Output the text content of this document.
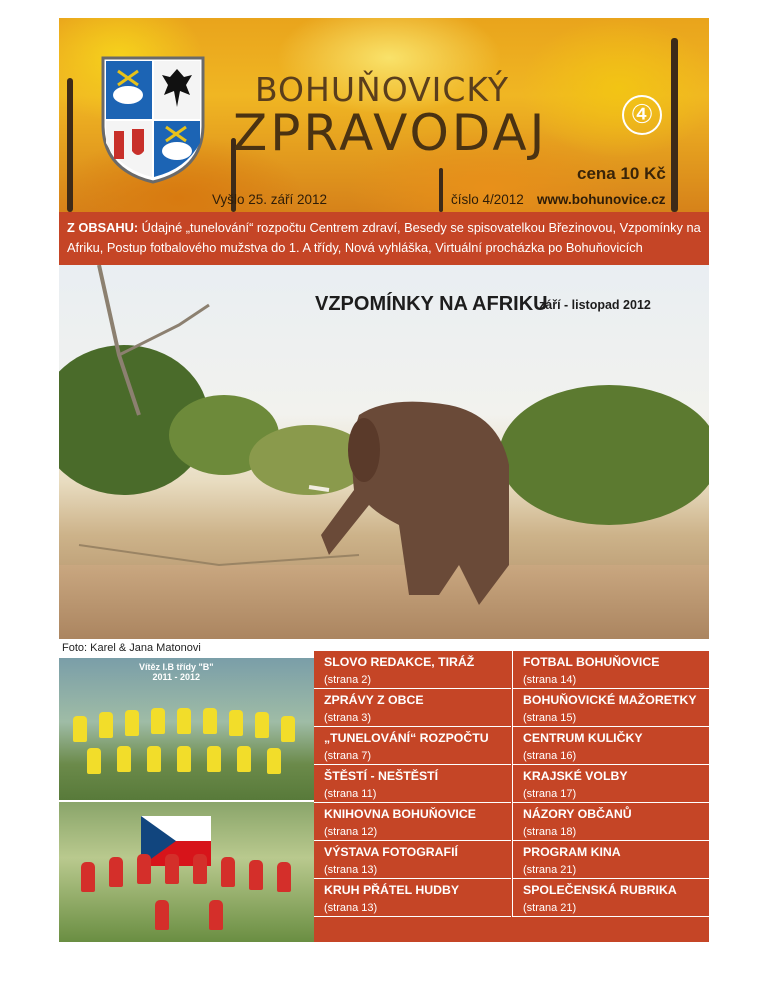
BOHUŇOVICKÝ
ZPRAVODAJ	④
cena 10 Kč
Vyšlo 25. září 2012	číslo 4/2012 www.bohunovice.cz
Z OBSAHU: Údajné „tunelování“ rozpočtu Centrem zdraví, Besedy se spisovatelkou Březinovou, Vzpomínky na Afriku, Postup fotbalového mužstva do 1. A třídy, Nová vyhláška, Virtuální procházka po Bohuňovicích
VZPOMÍNKY NA AFRIKU
září - listopad 2012
Foto: Karel & Jana Matonovi
Vítěz I.B třídy "B"
2011 - 2012
SLOVO REDAKCE, TIRÁŽ
(strana 2)
ZPRÁVY Z OBCE
(strana 3)
„TUNELOVÁNÍ“ ROZPOČTU
(strana 7)
ŠTĚSTÍ - NEŠTĚSTÍ
(strana 11)
KNIHOVNA BOHUŇOVICE
(strana 12)
VÝSTAVA FOTOGRAFIÍ
(strana 13)
KRUH PŘÁTEL HUDBY
(strana 13)
FOTBAL BOHUŇOVICE
(strana 14)
BOHUŇOVICKÉ MAŽORETKY
(strana 15)
CENTRUM KULIČKY
(strana 16)
KRAJSKÉ VOLBY
(strana 17)
NÁZORY OBČANŮ
(strana 18)
PROGRAM KINA
(strana 21)
SPOLEČENSKÁ RUBRIKA
(strana 21)
